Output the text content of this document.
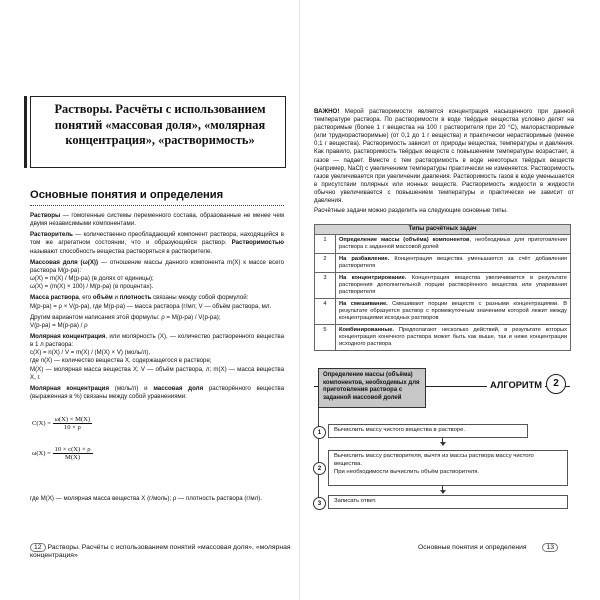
Растворы. Расчёты с использованием понятий «массовая доля», «молярная концентрация», «растворимость»
Основные понятия и определения

Растворы — гомогенные системы переменного состава, образованные не менее чем двумя независимыми компонентами.

Растворитель — количественно преобладающий компонент раствора, находящийся в том же агрегатном состоянии, что и образующийся раствор. Растворимостью называют способность вещества растворяться в растворителе.

Массовая доля (ω(X)) — отношение массы данного компонента m(X) к массе всего раствора M(р-ра):

ω(X) = m(X) / M(р-ра) (в долях от единицы);

ω(X) = (m(X) × 100) / M(р-ра) (в процентах).

Масса раствора, его объём и плотность связаны между собой формулой:

M(р-ра) = ρ × V(р-ра), где M(р-ра) — масса раствора (г/мл; V — объём раствора, мл.

Другим вариантом написания этой формулы: ρ = M(р-ра) / V(р-ра);

V(р-ра) = M(р-ра) / ρ

Молярная концентрация, или молярность (X), — количество растворенного вещества в 1 л раствора:

c(X) = n(X) / V = m(X) / (M(X) × V) (моль/л),

где n(X) — количество вещества X, содержащегося в растворе;

M(X) — молярная масса вещества X; V — объём раствора, л; m(X) — масса вещества X, г.

Молярная концентрация (моль/л) и массовая доля растворённого вещества (выраженная в %) связаны между собой уравнениями:

$C(X) = \frac{\omega(X) \times M(X)}{10 \times \rho}$
$\omega(X) = \frac{10 \times c(X) \times \rho}{M(X)}$

где M(X) — молярная масса вещества X (г/моль); ρ — плотность раствора (г/мл).

12 Растворы. Расчёты с использованием понятий «массовая доля», «молярная концентрация»

ВАЖНО! Мерой растворимости является концентрация насыщенного при данной температуре раствора. По растворимости в воде твёрдые вещества условно делят на растворимые (более 1 г вещества на 100 г растворителя при 20 °С), малорастворимые (или труднорастворимые) (от 0,1 до 1 г вещества) и практически нерастворимые (менее 0,1 г вещества). Растворимость зависит от природы вещества, температуры и давления. Как правило, растворимость твёрдых веществ с повышением температуры возрастает, а газов — падает. Вместе с тем растворимость в воде некоторых твёрдых веществ (например, NaCl) с увеличением температуры практически не изменяется. Растворимость газов увеличивается при увеличении давления. Растворимость газов в воде уменьшается в присутствии полярных или ионных веществ. Растворимость жидкости в жидкости обычно увеличивается с повышением температуры и практически не зависит от давления.

Расчётные задачи можно разделить на следующие основные типы.

Типы расчётных задач	
1	Определение массы (объёма) компонентов, необходимых для приготовления раствора с заданной массовой долей
2	На разбавление. Концентрация вещества уменьшается за счёт добавления растворителя
3	На концентрирование. Концентрация вещества увеличивается в результате растворения дополнительной порции растворённого вещества или упаривания растворителя
4	На смешивание. Смешивают порции веществ с разными концентрациями. В результате образуется раствор с промежуточным значением которой лежит между концентрациями исходных растворов
5	Комбинированные. Предполагают несколько действий, в результате которых концентрация конечного раствора может быть как выше, так и ниже концентрации исходного раствора
Определение массы (объёма) компонентов, необходимых для приготовления раствора с заданной массовой долей
АЛГОРИТМ	2
1	Вычислить массу чистого вещества в растворе.
2
Вычислить массу растворителя, вычтя из массы раствора массу чистого вещества.
При необходимости вычислить объём растворителя.
3	Записать ответ.
Основные понятия и определения	13
